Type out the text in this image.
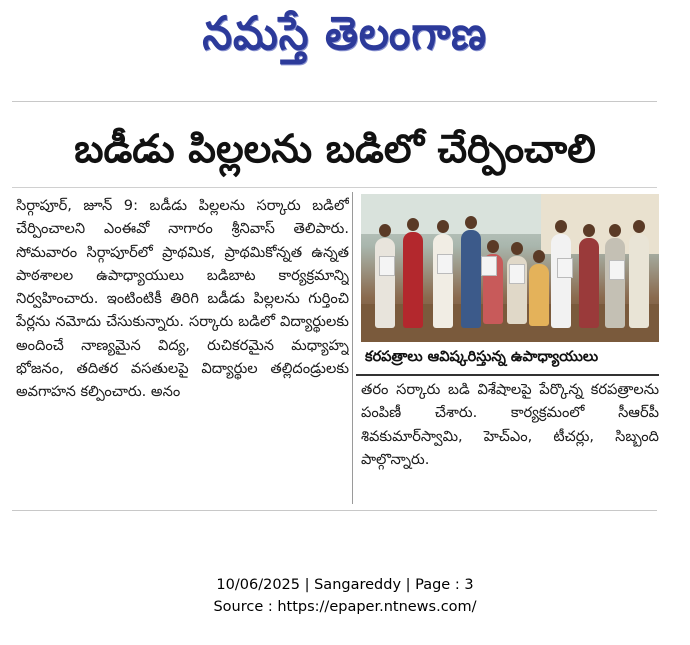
నమస్తే తెలంగాణ
బడీడు పిల్లలను బడిలో చేర్పించాలి
సిర్గాపూర్, జూన్ 9: బడీడు పిల్లలను సర్కారు బడిలో చేర్పించాలని ఎంఈవో నాగారం శ్రీనివాస్ తెలిపారు. సోమవారం సిర్గాపూర్‌లో ప్రాథమిక, ప్రాథమికోన్నత ఉన్నత పాఠశాలల ఉపాధ్యాయులు బడిబాట కార్యక్రమాన్ని నిర్వహించారు. ఇంటింటికీ తిరిగి బడీడు పిల్లలను గుర్తించి పేర్లను నమోదు చేసుకున్నారు. సర్కారు బడిలో విద్యార్థులకు అందించే నాణ్యమైన విద్య, రుచికరమైన మధ్యాహ్న భోజనం, తదితర వసతులపై విద్యార్థుల తల్లిదండ్రులకు అవగాహన కల్పించారు. అనం
కరపత్రాలు ఆవిష్కరిస్తున్న ఉపాధ్యాయులు
తరం సర్కారు బడి విశేషాలపై పేర్కొన్న కరపత్రాలను పంపిణీ చేశారు. కార్యక్రమంలో సీఆర్‌పీ శివకుమార్‌స్వామి, హెచ్‌ఎం, టీచర్లు, సిబ్బంది పాల్గొన్నారు.
10/06/2025 | Sangareddy | Page : 3
Source : https://epaper.ntnews.com/
